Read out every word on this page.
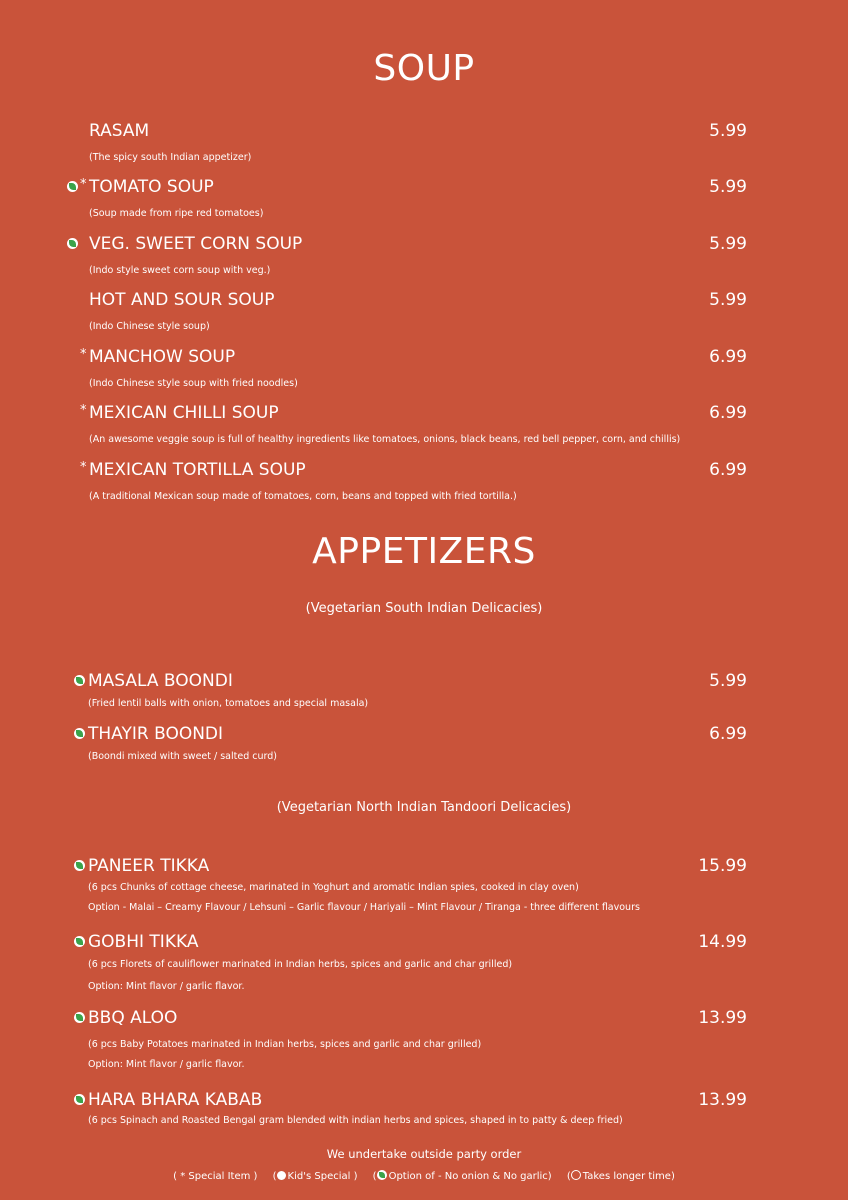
SOUP
RASAM	5.99
(The spicy south Indian appetizer)
* TOMATO SOUP	5.99
(Soup made from ripe red tomatoes)
VEG. SWEET CORN SOUP	5.99
(Indo style sweet corn soup with veg.)
HOT AND SOUR SOUP	5.99
(Indo Chinese style soup)
* MANCHOW SOUP	6.99
(Indo Chinese style soup with fried noodles)
* MEXICAN CHILLI SOUP	6.99
(An awesome veggie soup is full of healthy ingredients like tomatoes, onions, black beans, red bell pepper, corn, and chillis)
* MEXICAN TORTILLA SOUP	6.99
(A traditional Mexican soup made of tomatoes, corn, beans and topped with fried tortilla.)
APPETIZERS

(Vegetarian South Indian Delicacies)

MASALA BOONDI	5.99
(Fried lentil balls with onion, tomatoes and special masala)
THAYIR BOONDI	6.99
(Boondi mixed with sweet / salted curd)

(Vegetarian North Indian Tandoori Delicacies)

PANEER TIKKA	15.99
(6 pcs Chunks of cottage cheese, marinated in Yoghurt and aromatic Indian spies, cooked in clay oven)
Option - Malai – Creamy Flavour / Lehsuni – Garlic flavour / Hariyali – Mint Flavour / Tiranga - three different flavours
GOBHI TIKKA	14.99
(6 pcs Florets of cauliflower marinated in Indian herbs, spices and garlic and char grilled)
Option: Mint flavor / garlic flavor.
BBQ ALOO	13.99
(6 pcs Baby Potatoes marinated in Indian herbs, spices and garlic and char grilled)
Option: Mint flavor / garlic flavor.
HARA BHARA KABAB	13.99
(6 pcs Spinach and Roasted Bengal gram blended with indian herbs and spices, shaped in to patty & deep fried)
We undertake outside party order
( * Special Item ) ( Kid's Special ) ( Option of - No onion & No garlic) ( Takes longer time)
